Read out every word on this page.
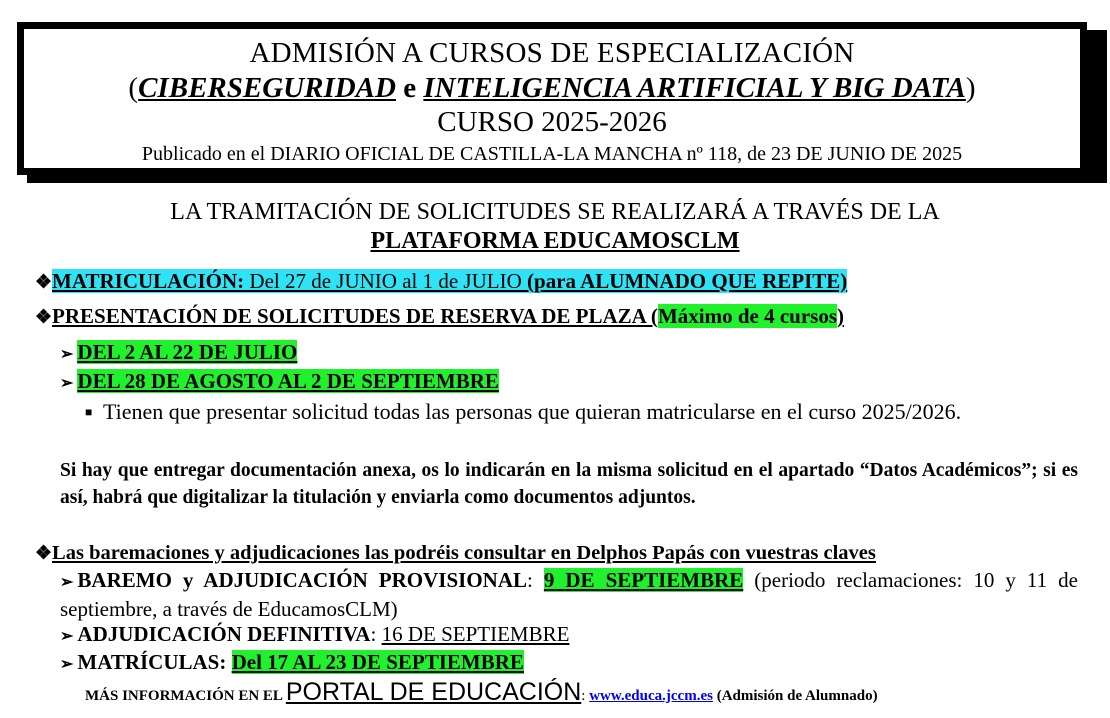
ADMISIÓN A CURSOS DE ESPECIALIZACIÓN
(CIBERSEGURIDAD e INTELIGENCIA ARTIFICIAL Y BIG DATA)
CURSO 2025-2026
Publicado en el DIARIO OFICIAL DE CASTILLA-LA MANCHA nº 118, de 23 DE JUNIO DE 2025
LA TRAMITACIÓN DE SOLICITUDES SE REALIZARÁ A TRAVÉS DE LA
PLATAFORMA EDUCAMOSCLM
❖MATRICULACIÓN: Del 27 de JUNIO al 1 de JULIO (para ALUMNADO QUE REPITE)
❖PRESENTACIÓN DE SOLICITUDES DE RESERVA DE PLAZA (Máximo de 4 cursos)
➢ DEL 2 AL 22 DE JULIO
➢ DEL 28 DE AGOSTO AL 2 DE SEPTIEMBRE
■ Tienen que presentar solicitud todas las personas que quieran matricularse en el curso 2025/2026.
Si hay que entregar documentación anexa, os lo indicarán en la misma solicitud en el apartado “Datos Académicos”; si es así, habrá que digitalizar la titulación y enviarla como documentos adjuntos.
❖Las baremaciones y adjudicaciones las podréis consultar en Delphos Papás con vuestras claves
➢ BAREMO y ADJUDICACIÓN PROVISIONAL: 9 DE SEPTIEMBRE (periodo reclamaciones: 10 y 11 de septiembre, a través de EducamosCLM)
➢ ADJUDICACIÓN DEFINITIVA: 16 DE SEPTIEMBRE
➢ MATRÍCULAS: Del 17 AL 23 DE SEPTIEMBRE
MÁS INFORMACIÓN EN EL PORTAL DE EDUCACIÓN: www.educa.jccm.es (Admisión de Alumnado)
